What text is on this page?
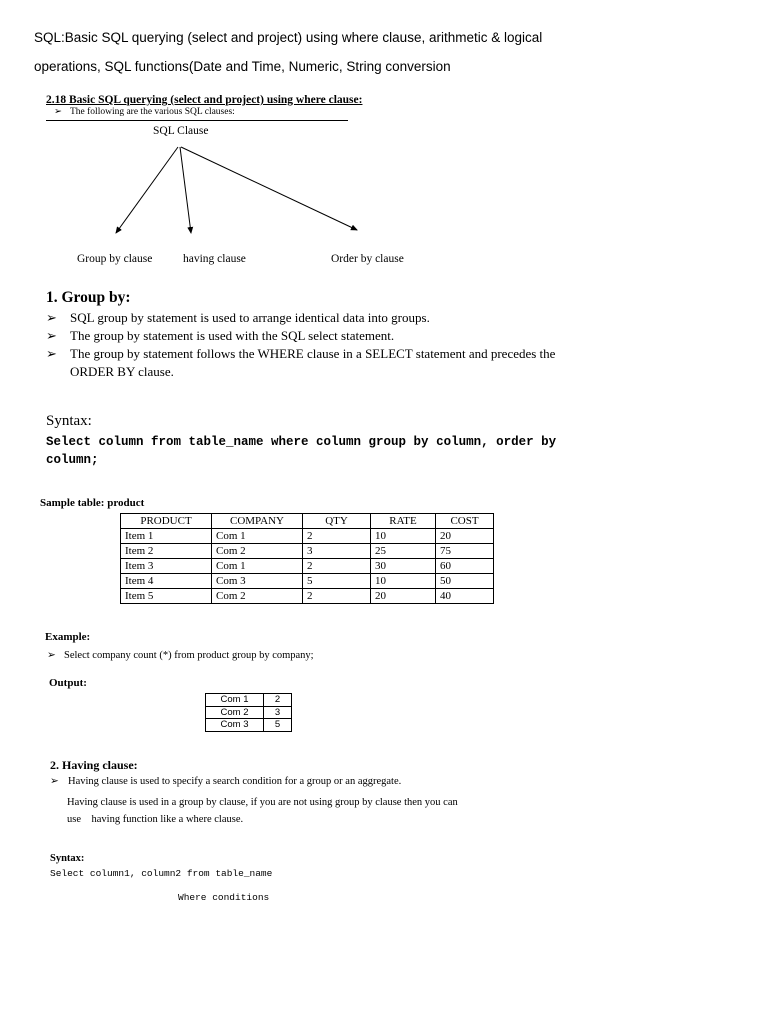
SQL:Basic SQL querying (select and project) using where clause, arithmetic & logical
operations, SQL functions(Date and Time, Numeric, String conversion
2.18 Basic SQL querying (select and project) using where clause:
➢ The following are the various SQL clauses:
SQL Clause
Group by clause	having clause	Order by clause
1. Group by:
➢ SQL group by statement is used to arrange identical data into groups.
➢ The group by statement is used with the SQL select statement.
➢ The group by statement follows the WHERE clause in a SELECT statement and precedes the
ORDER BY clause.
Syntax:
Select column from table_name where column group by column, order by
column;
Sample table: product
PRODUCT	COMPANY	QTY	RATE	COST
Item 1	Com 1	2	10	20
Item 2	Com 2	3	25	75
Item 3	Com 1	2	30	60
Item 4	Com 3	5	10	50
Item 5	Com 2	2	20	40
Example:
➢ Select company count (*) from product group by company;
Output:
Com 1	2
Com 2	3
Com 3	5
2. Having clause:
➢ Having clause is used to specify a search condition for a group or an aggregate.
Having clause is used in a group by clause, if you are not using group by clause then you can
use    having function like a where clause.
Syntax:
Select column1, column2 from table_name
Where conditions
